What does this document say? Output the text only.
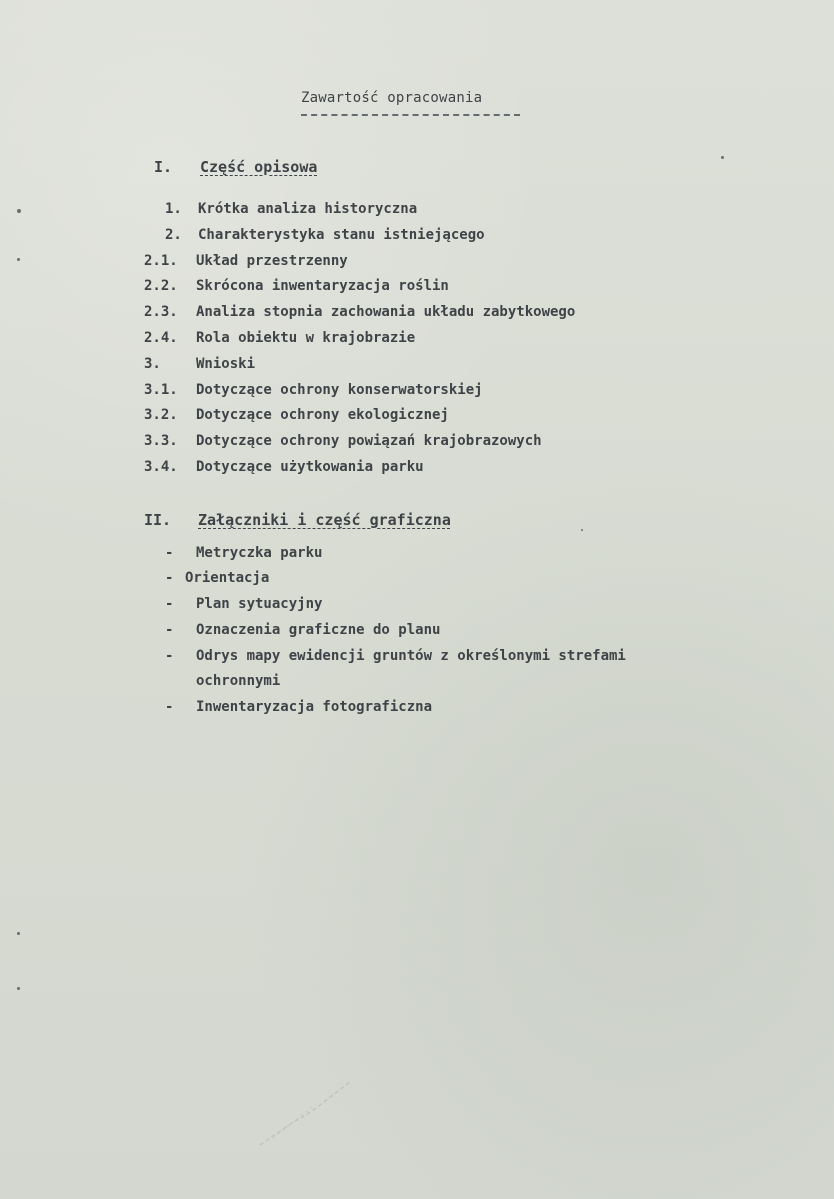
Zawartość opracowania
I. Część opisowa
1. Krótka analiza historyczna
2. Charakterystyka stanu istniejącego
2.1. Układ przestrzenny
2.2. Skrócona inwentaryzacja roślin
2.3. Analiza stopnia zachowania układu zabytkowego
2.4. Rola obiektu w krajobrazie
3.	Wnioski
3.1. Dotyczące ochrony konserwatorskiej
3.2. Dotyczące ochrony ekologicznej
3.3. Dotyczące ochrony powiązań krajobrazowych
3.4. Dotyczące użytkowania parku
II. Załączniki i część graficzna
- Metryczka parku
- Orientacja
- Plan sytuacyjny
- Oznaczenia graficzne do planu
- Odrys mapy ewidencji gruntów z określonymi strefami
ochronnymi
- Inwentaryzacja fotograficzna
